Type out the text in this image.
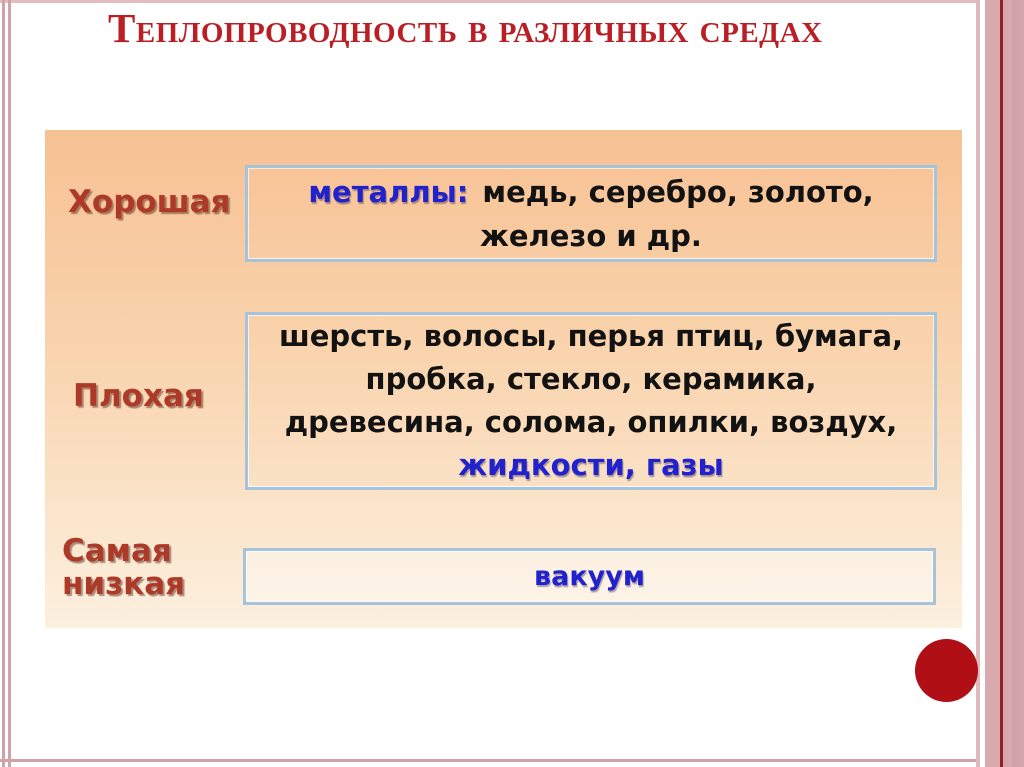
Теплопроводность в различных средах
Хорошая	металлы: медь, серебро, золото,
железо и др.
Плохая
шерсть, волосы, перья птиц, бумага,
пробка, стекло, керамика,
древесина, солома, опилки, воздух,
жидкости, газы
Самая низкая	вакуум
